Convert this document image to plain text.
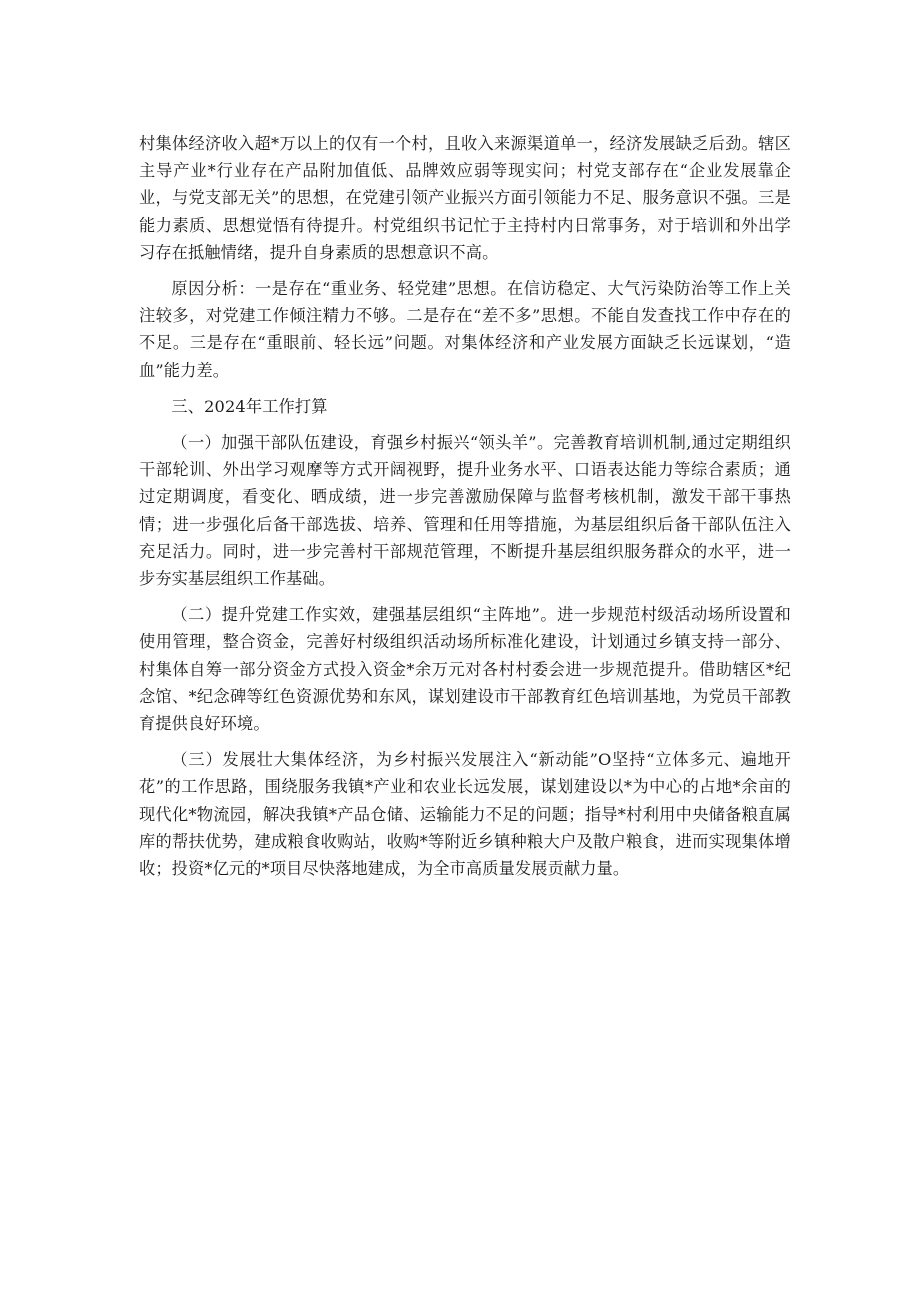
村集体经济收入超*万以上的仅有一个村，且收入来源渠道单一，经济发展缺乏后劲。辖区主导产业*行业存在产品附加值低、品牌效应弱等现实问；村党支部存在“企业发展靠企业，与党支部无关”的思想，在党建引领产业振兴方面引领能力不足、服务意识不强。三是能力素质、思想觉悟有待提升。村党组织书记忙于主持村内日常事务，对于培训和外出学习存在抵触情绪，提升自身素质的思想意识不高。

原因分析：一是存在“重业务、轻党建”思想。在信访稳定、大气污染防治等工作上关注较多，对党建工作倾注精力不够。二是存在“差不多”思想。不能自发查找工作中存在的不足。三是存在“重眼前、轻长远”问题。对集体经济和产业发展方面缺乏长远谋划，“造血”能力差。

三、2024年工作打算

（一）加强干部队伍建设，育强乡村振兴“领头羊”。完善教育培训机制,通过定期组织干部轮训、外出学习观摩等方式开阔视野，提升业务水平、口语表达能力等综合素质；通过定期调度，看变化、晒成绩，进一步完善激励保障与监督考核机制，激发干部干事热情；进一步强化后备干部选拔、培养、管理和任用等措施，为基层组织后备干部队伍注入充足活力。同时，进一步完善村干部规范管理，不断提升基层组织服务群众的水平，进一步夯实基层组织工作基础。

（二）提升党建工作实效，建强基层组织“主阵地”。进一步规范村级活动场所设置和使用管理，整合资金，完善好村级组织活动场所标准化建设，计划通过乡镇支持一部分、村集体自筹一部分资金方式投入资金*余万元对各村村委会进一步规范提升。借助辖区*纪念馆、*纪念碑等红色资源优势和东风，谋划建设市干部教育红色培训基地，为党员干部教育提供良好环境。

（三）发展壮大集体经济，为乡村振兴发展注入“新动能”O坚持“立体多元、遍地开花”的工作思路，围绕服务我镇*产业和农业长远发展，谋划建设以*为中心的占地*余亩的现代化*物流园，解决我镇*产品仓储、运输能力不足的问题；指导*村利用中央储备粮直属库的帮扶优势，建成粮食收购站，收购*等附近乡镇种粮大户及散户粮食，进而实现集体增收；投资*亿元的*项目尽快落地建成，为全市高质量发展贡献力量。
